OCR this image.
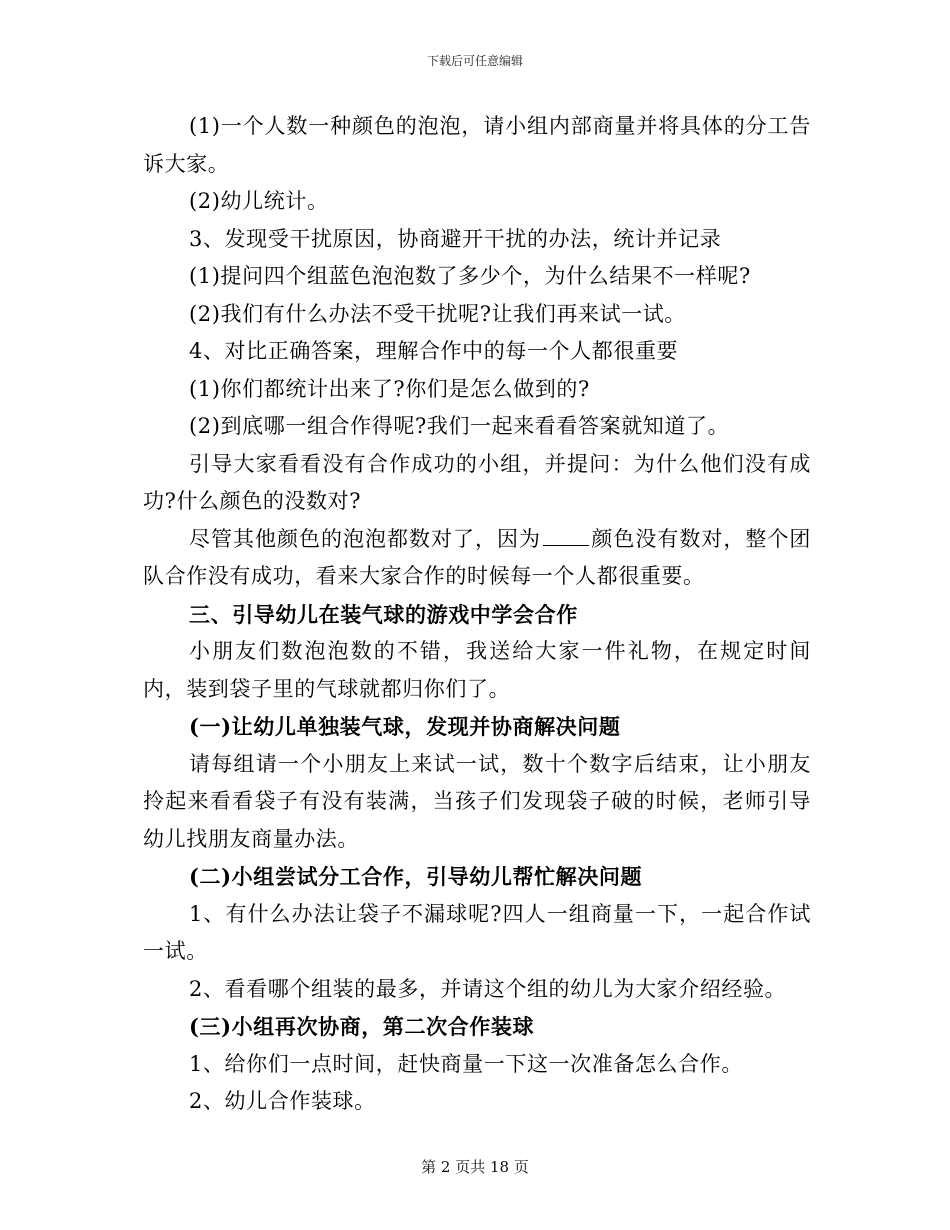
下载后可任意编辑

(1)一个人数一种颜色的泡泡，请小组内部商量并将具体的分工告诉大家。

(2)幼儿统计。

3、发现受干扰原因，协商避开干扰的办法，统计并记录

(1)提问四个组蓝色泡泡数了多少个，为什么结果不一样呢?

(2)我们有什么办法不受干扰呢?让我们再来试一试。

4、对比正确答案，理解合作中的每一个人都很重要

(1)你们都统计出来了?你们是怎么做到的?

(2)到底哪一组合作得呢?我们一起来看看答案就知道了。

引导大家看看没有合作成功的小组，并提问：为什么他们没有成功?什么颜色的没数对?

尽管其他颜色的泡泡都数对了，因为 颜色没有数对，整个团队合作没有成功，看来大家合作的时候每一个人都很重要。

三、引导幼儿在装气球的游戏中学会合作

小朋友们数泡泡数的不错，我送给大家一件礼物，在规定时间内，装到袋子里的气球就都归你们了。

(一)让幼儿单独装气球，发现并协商解决问题

请每组请一个小朋友上来试一试，数十个数字后结束，让小朋友拎起来看看袋子有没有装满，当孩子们发现袋子破的时候，老师引导幼儿找朋友商量办法。

(二)小组尝试分工合作，引导幼儿帮忙解决问题

1、有什么办法让袋子不漏球呢?四人一组商量一下，一起合作试一试。

2、看看哪个组装的最多，并请这个组的幼儿为大家介绍经验。

(三)小组再次协商，第二次合作装球

1、给你们一点时间，赶快商量一下这一次准备怎么合作。

2、幼儿合作装球。

第 2 页共 18 页
